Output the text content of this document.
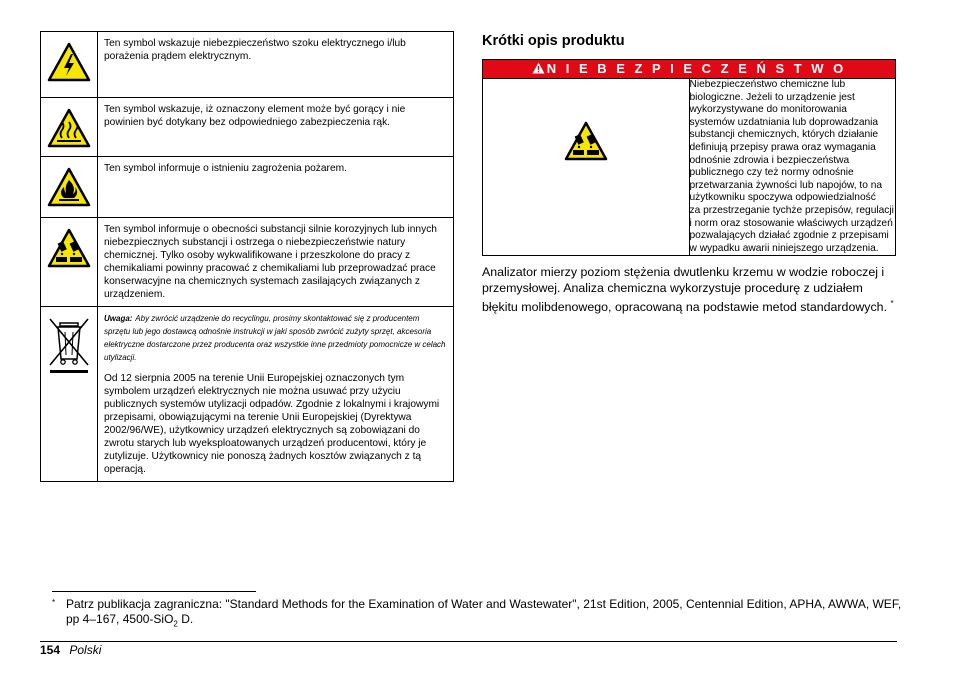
	Ten symbol wskazuje niebezpieczeństwo szoku elektrycznego i/lub porażenia prądem elektrycznym.

	Ten symbol wskazuje, iż oznaczony element może być gorący i nie powinien być dotykany bez odpowiedniego zabezpieczenia rąk.

	Ten symbol informuje o istnieniu zagrożenia pożarem.

	Ten symbol informuje o obecności substancji silnie korozyjnych lub innych niebezpiecznych substancji i ostrzega o niebezpieczeństwie natury chemicznej. Tylko osoby wykwalifikowane i przeszkolone do pracy z chemikaliami powinny pracować z chemikaliami lub przeprowadzać prace konserwacyjne na chemicznych systemach zasilających związanych z urządzeniem.

Uwaga: Aby zwrócić urządzenie do recyclingu, prosimy skontaktować się z producentem sprzętu lub jego dostawcą odnośnie instrukcji w jaki sposób zwrócić zużyty sprzęt, akcesoria elektryczne dostarczone przez producenta oraz wszystkie inne przedmioty pomocnicze w celach utylizacji.
Od 12 sierpnia 2005 na terenie Unii Europejskiej oznaczonych tym symbolem urządzeń elektrycznych nie można usuwać przy użyciu publicznych systemów utylizacji odpadów. Zgodnie z lokalnymi i krajowymi przepisami, obowiązującymi na terenie Unii Europejskiej (Dyrektywa 2002/96/WE), użytkownicy urządzeń elektrycznych są zobowiązani do zwrotu starych lub wyeksploatowanych urządzeń producentowi, który je zutylizuje. Użytkownicy nie ponoszą żadnych kosztów związanych z tą operacją.
Krótki opis produktu
N I E B E Z P I E C Z E Ń S T W O

Niebezpieczeństwo chemiczne lub biologiczne. Jeżeli to urządzenie jest wykorzystywane do monitorowania systemów uzdatniania lub doprowadzania substancji chemicznych, których działanie definiują przepisy prawa oraz wymagania odnośnie zdrowia i bezpieczeństwa publicznego czy też normy odnośnie przetwarzania żywności lub napojów, to na użytkowniku spoczywa odpowiedzialność
za przestrzeganie tychże przepisów, regulacji i norm oraz stosowanie właściwych urządzeń pozwalających działać zgodnie z przepisami w wypadku awarii niniejszego urządzenia.
Analizator mierzy poziom stężenia dwutlenku krzemu w wodzie roboczej i przemysłowej. Analiza chemiczna wykorzystuje procedurę z udziałem błękitu molibdenowego, opracowaną na podstawie metod standardowych. *
* Patrz publikacja zagraniczna: "Standard Methods for the Examination of Water and Wastewater", 21st Edition, 2005, Centennial Edition, APHA, AWWA, WEF, pp 4–167, 4500-SiO$_2$ D.
154 Polski
